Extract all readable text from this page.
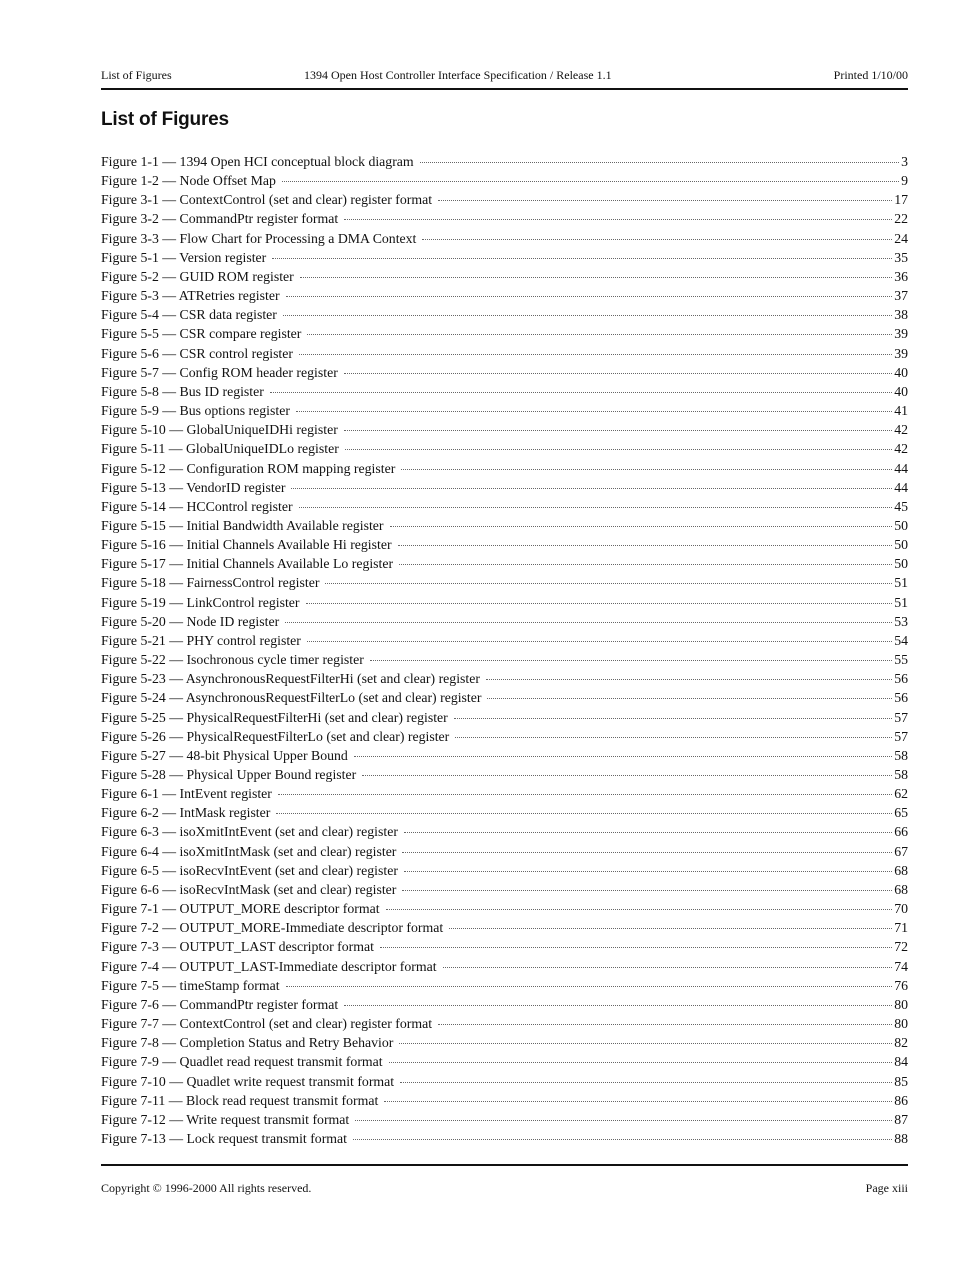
List of Figures	1394 Open Host Controller Interface Specification / Release 1.1	Printed 1/10/00
List of Figures
Figure 1-1 — 1394 Open HCI conceptual block diagram	3
Figure 1-2 — Node Offset Map	9
Figure 3-1 — ContextControl (set and clear) register format	17
Figure 3-2 — CommandPtr register format	22
Figure 3-3 — Flow Chart for Processing a DMA Context	24
Figure 5-1 — Version register	35
Figure 5-2 — GUID ROM register	36
Figure 5-3 — ATRetries register	37
Figure 5-4 — CSR data register	38
Figure 5-5 — CSR compare register	39
Figure 5-6 — CSR control register	39
Figure 5-7 — Config ROM header register	40
Figure 5-8 — Bus ID register	40
Figure 5-9 — Bus options register	41
Figure 5-10 — GlobalUniqueIDHi register	42
Figure 5-11 — GlobalUniqueIDLo register	42
Figure 5-12 — Configuration ROM mapping register	44
Figure 5-13 — VendorID register	44
Figure 5-14 — HCControl register	45
Figure 5-15 — Initial Bandwidth Available register	50
Figure 5-16 — Initial Channels Available Hi register	50
Figure 5-17 — Initial Channels Available Lo register	50
Figure 5-18 — FairnessControl register	51
Figure 5-19 — LinkControl register	51
Figure 5-20 — Node ID register	53
Figure 5-21 — PHY control register	54
Figure 5-22 — Isochronous cycle timer register	55
Figure 5-23 — AsynchronousRequestFilterHi (set and clear) register	56
Figure 5-24 — AsynchronousRequestFilterLo (set and clear) register	56
Figure 5-25 — PhysicalRequestFilterHi (set and clear) register	57
Figure 5-26 — PhysicalRequestFilterLo (set and clear) register	57
Figure 5-27 — 48-bit Physical Upper Bound	58
Figure 5-28 — Physical Upper Bound register	58
Figure 6-1 — IntEvent register	62
Figure 6-2 — IntMask register	65
Figure 6-3 — isoXmitIntEvent (set and clear) register	66
Figure 6-4 — isoXmitIntMask (set and clear) register	67
Figure 6-5 — isoRecvIntEvent (set and clear) register	68
Figure 6-6 — isoRecvIntMask (set and clear) register	68
Figure 7-1 — OUTPUT_MORE descriptor format	70
Figure 7-2 — OUTPUT_MORE-Immediate descriptor format	71
Figure 7-3 — OUTPUT_LAST descriptor format	72
Figure 7-4 — OUTPUT_LAST-Immediate descriptor format	74
Figure 7-5 — timeStamp format	76
Figure 7-6 — CommandPtr register format	80
Figure 7-7 — ContextControl (set and clear) register format	80
Figure 7-8 — Completion Status and Retry Behavior	82
Figure 7-9 — Quadlet read request transmit format	84
Figure 7-10 — Quadlet write request transmit format	85
Figure 7-11 — Block read request transmit format	86
Figure 7-12 — Write request transmit format	87
Figure 7-13 — Lock request transmit format	88
Copyright © 1996-2000 All rights reserved.	Page xiii
